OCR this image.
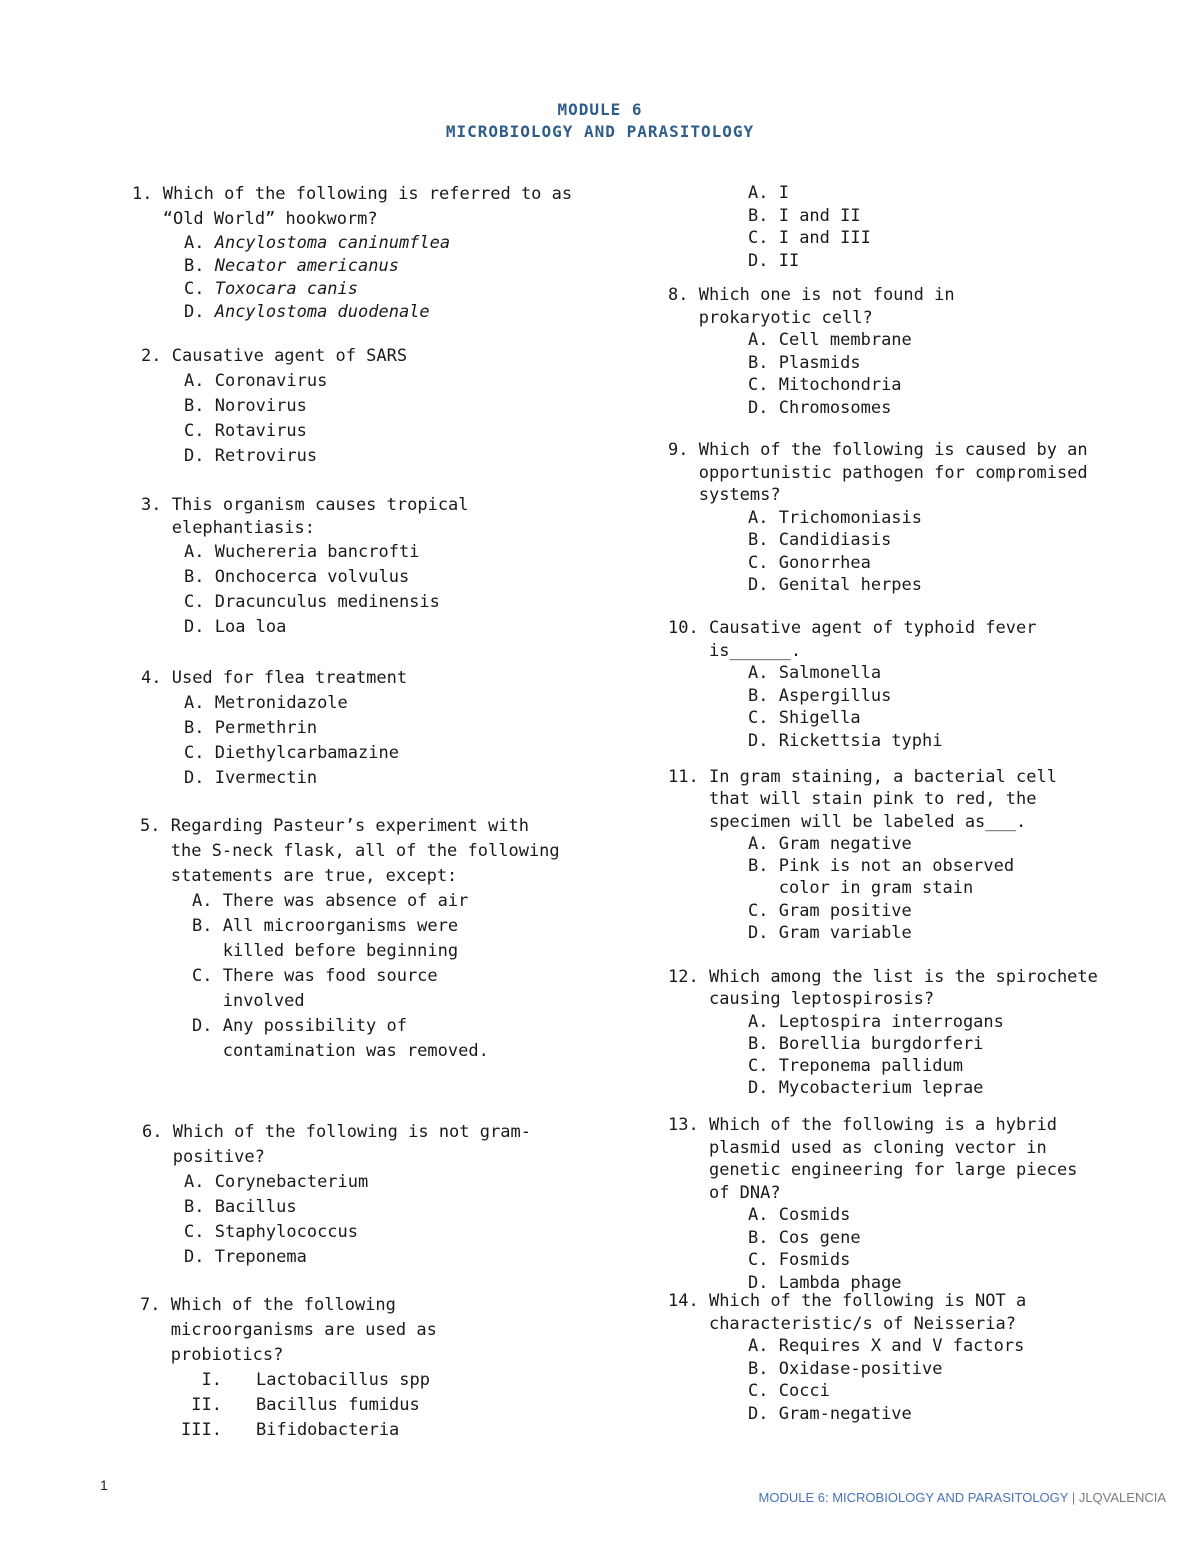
MODULE 6
MICROBIOLOGY AND PARASITOLOGY
1. Which of the following is referred to as “Old World” hookworm?
A. Ancylostoma caninumflea
B. Necator americanus
C. Toxocara canis
D. Ancylostoma duodenale
2. Causative agent of SARS
A. Coronavirus
B. Norovirus
C. Rotavirus
D. Retrovirus
3. This organism causes tropical elephantiasis:
A. Wuchereria bancrofti
B. Onchocerca volvulus
C. Dracunculus medinensis
D. Loa loa
4. Used for flea treatment
A. Metronidazole
B. Permethrin
C. Diethylcarbamazine
D. Ivermectin
5. Regarding Pasteur’s experiment with the S-neck flask, all of the following statements are true, except:
A. There was absence of air
B. All microorganisms were killed before beginning
C. There was food source involved
D. Any possibility of contamination was removed.
6. Which of the following is not gram-positive?
A. Corynebacterium
B. Bacillus
C. Staphylococcus
D. Treponema
7. Which of the following microorganisms are used as probiotics?
I.	Lactobacillus spp
II.	Bacillus fumidus
III.	Bifidobacteria
A. I
B. I and II
C. I and III
D. II
8. Which one is not found in prokaryotic cell?
A. Cell membrane
B. Plasmids
C. Mitochondria
D. Chromosomes
9. Which of the following is caused by an opportunistic pathogen for compromised systems?
A. Trichomoniasis
B. Candidiasis
C. Gonorrhea
D. Genital herpes
10. Causative agent of typhoid fever is______.
A. Salmonella
B. Aspergillus
C. Shigella
D. Rickettsia typhi
11. In gram staining, a bacterial cell that will stain pink to red, the specimen will be labeled as___.
A. Gram negative
B. Pink is not an observed color in gram stain
C. Gram positive
D. Gram variable
12. Which among the list is the spirochete causing leptospirosis?
A. Leptospira interrogans
B. Borellia burgdorferi
C. Treponema pallidum
D. Mycobacterium leprae
13. Which of the following is a hybrid plasmid used as cloning vector in genetic engineering for large pieces of DNA?
A. Cosmids
B. Cos gene
C. Fosmids
D. Lambda phage
14. Which of the following is NOT a characteristic/s of Neisseria?
A. Requires X and V factors
B. Oxidase-positive
C. Cocci
D. Gram-negative
1
MODULE 6: MICROBIOLOGY AND PARASITOLOGY | JLQVALENCIA
